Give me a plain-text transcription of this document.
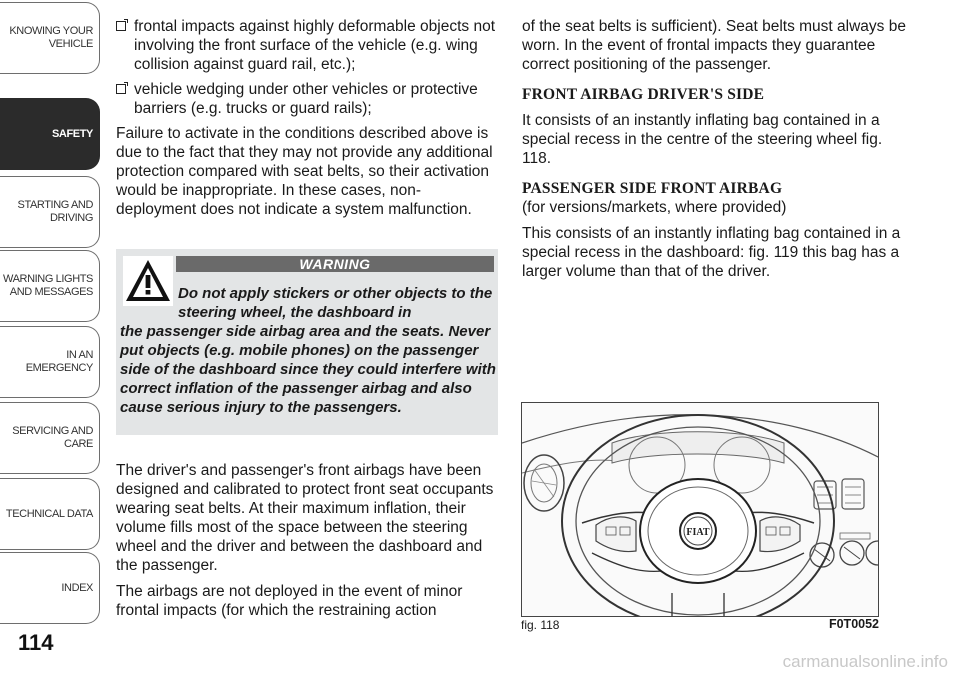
KNOWING YOUR
VEHICLE
SAFETY
STARTING AND
DRIVING
WARNING LIGHTS
AND MESSAGES
IN AN EMERGENCY
SERVICING AND
CARE
TECHNICAL DATA
INDEX
114
frontal impacts against highly deformable objects not involving the front surface of the vehicle (e.g. wing collision against guard rail, etc.);
vehicle wedging under other vehicles or protective barriers (e.g. trucks or guard rails);

Failure to activate in the conditions described above is due to the fact that they may not provide any additional protection compared with seat belts, so their activation would be inappropriate. In these cases, non-deployment does not indicate a system malfunction.

WARNING
Do not apply stickers or other objects to the steering wheel, the dashboard in
the passenger side airbag area and the seats. Never put objects (e.g. mobile phones) on the passenger side of the dashboard since they could interfere with correct inflation of the passenger airbag and also cause serious injury to the passengers.

The driver's and passenger's front airbags have been designed and calibrated to protect front seat occupants wearing seat belts. At their maximum inflation, their volume fills most of the space between the steering wheel and the driver and between the dashboard and the passenger.

The airbags are not deployed in the event of minor frontal impacts (for which the restraining action

of the seat belts is sufficient). Seat belts must always be worn. In the event of frontal impacts they guarantee correct positioning of the passenger.

FRONT AIRBAG DRIVER'S SIDE

It consists of an instantly inflating bag contained in a special recess in the centre of the steering wheel fig. 118.

PASSENGER SIDE FRONT AIRBAG

(for versions/markets, where provided)

This consists of an instantly inflating bag contained in a special recess in the dashboard: fig. 119 this bag has a larger volume than that of the driver.

FIAT
fig. 118	F0T0052
carmanualsonline.info
